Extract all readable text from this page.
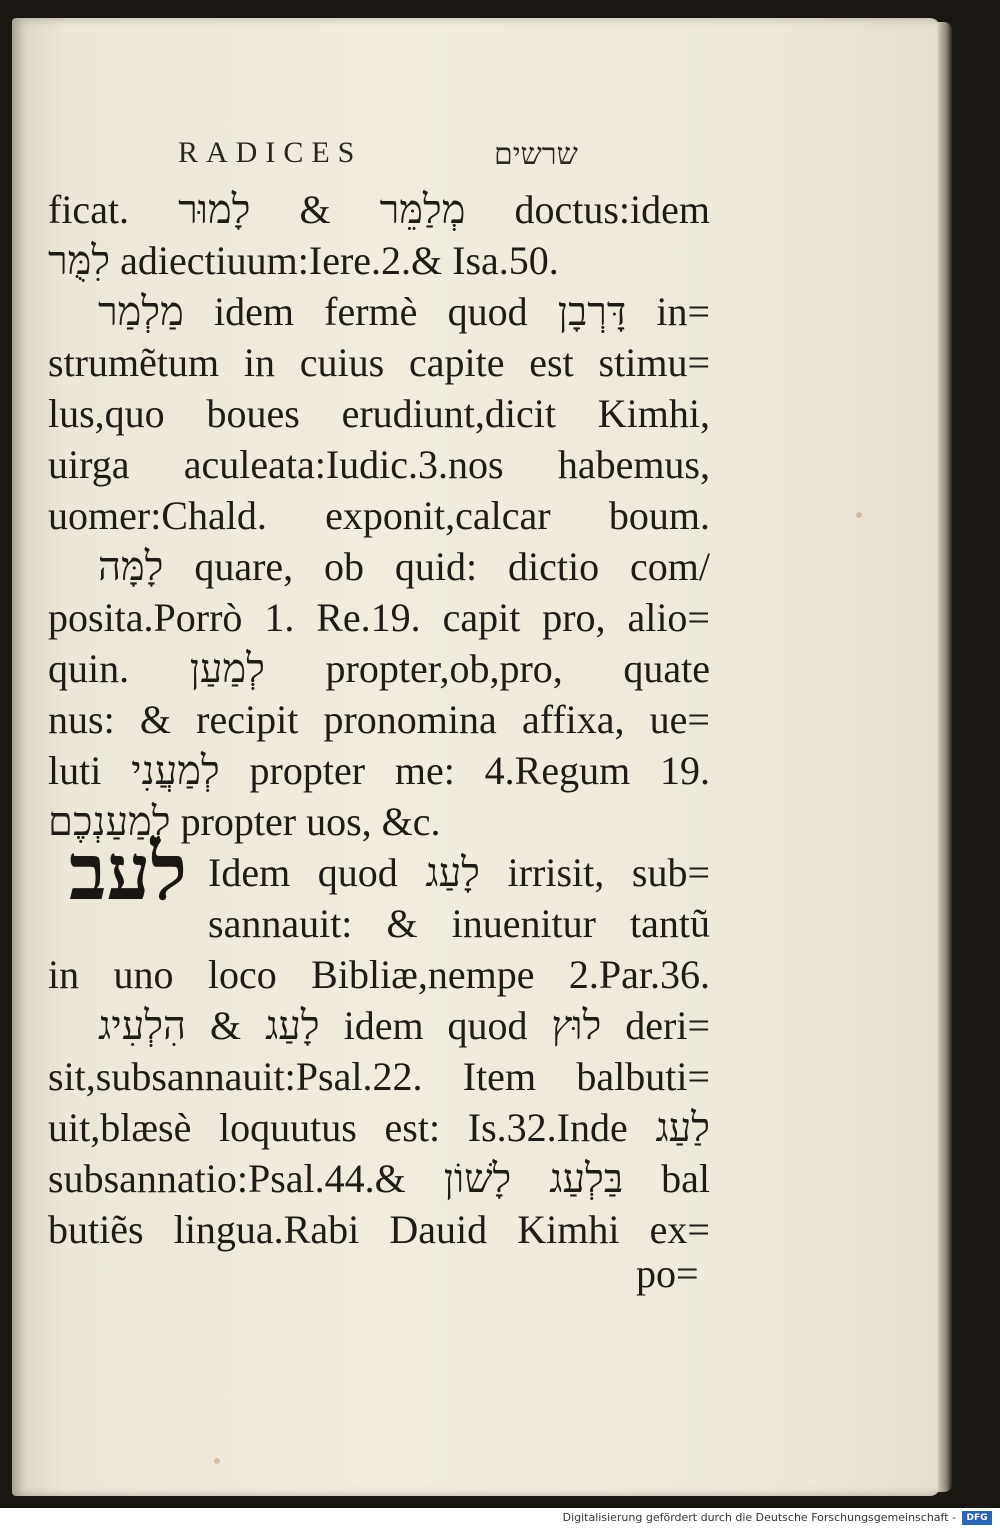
RADICES	שרשים
ficat. מְלַמֵּר & לָמוּר doctus:idem
לִמֻּר adiectiuum:Iere.2.& Isa.50.
מַלְמַר idem fermè quod דָּרְבָן in=
strumẽtum in cuius capite est stimu=
lus,quo boues erudiunt,dicit Kimhi,
uirga aculeata:Iudic.3.nos habemus,
uomer:Chald. exponit,calcar boum.
לָמָּה quare, ob quid: dictio com/
posita.Porrò 1. Re.19. capit pro, alio=
quin. לְמַעַן propter,ob,pro, quate
nus: & recipit pronomina affixa, ue=
luti לְמַעֲנִי propter me: 4.Regum 19.
לְמַעַנְכֶם propter uos, &c.
Idem quod לָעַג irrisit, sub=
sannauit: & inuenitur tantũ
in uno loco Bibliæ,nempe 2.Par.36.
לָעַג & הִלְעִיג idem quod לוּץ deri=
sit,subsannauit:Psal.22. Item balbuti=
uit,blæsè loquutus est: Is.32.Inde לַעַג
subsannatio:Psal.44.& בַּלְעַג לָשׁוֹן bal
butiẽs lingua.Rabi Dauid Kimhi ex=
לעב
po=
Digitalisierung gefördert durch die Deutsche Forschungsgemeinschaft -	DFG
